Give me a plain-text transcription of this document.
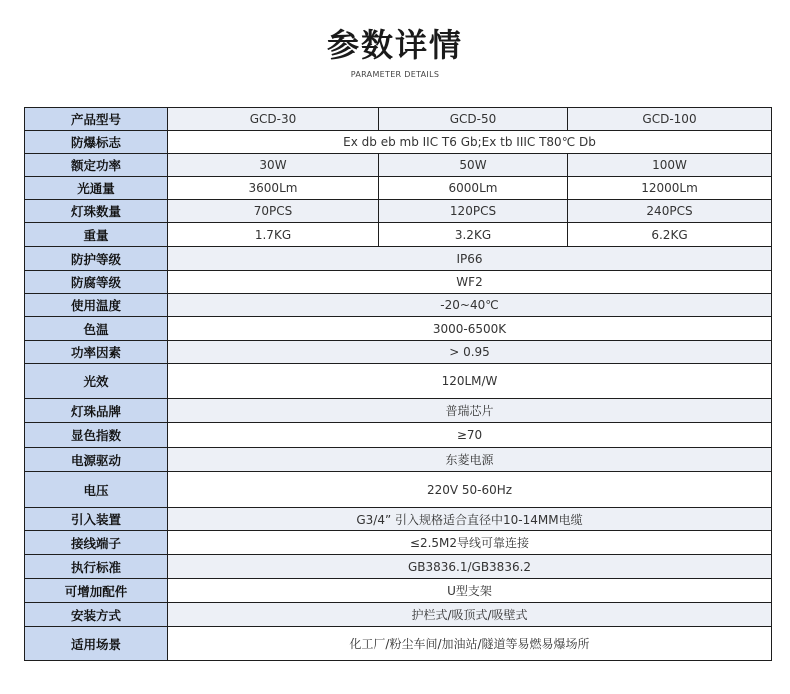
参数详情
PARAMETER DETAILS
产品型号	GCD-30	GCD-50	GCD-100
防爆标志	Ex db eb mb IIC T6 Gb;Ex tb IIIC T80℃ Db		
额定功率	30W	50W	100W
光通量	3600Lm	6000Lm	12000Lm
灯珠数量	70PCS	120PCS	240PCS
重量	1.7KG	3.2KG	6.2KG
防护等级	IP66		
防腐等级	WF2		
使用温度	-20~40℃		
色温	3000-6500K		
功率因素	> 0.95		
光效	120LM/W		
灯珠品牌	普瑞芯片		
显色指数	≥70		
电源驱动	东菱电源		
电压	220V 50-60Hz		
引入装置	G3/4” 引入规格适合直径中10-14MM电缆		
接线端子	≤2.5M2导线可靠连接		
执行标准	GB3836.1/GB3836.2		
可增加配件	U型支架		
安装方式	护栏式/吸顶式/吸壁式		
适用场景	化工厂/粉尘车间/加油站/隧道等易燃易爆场所		
